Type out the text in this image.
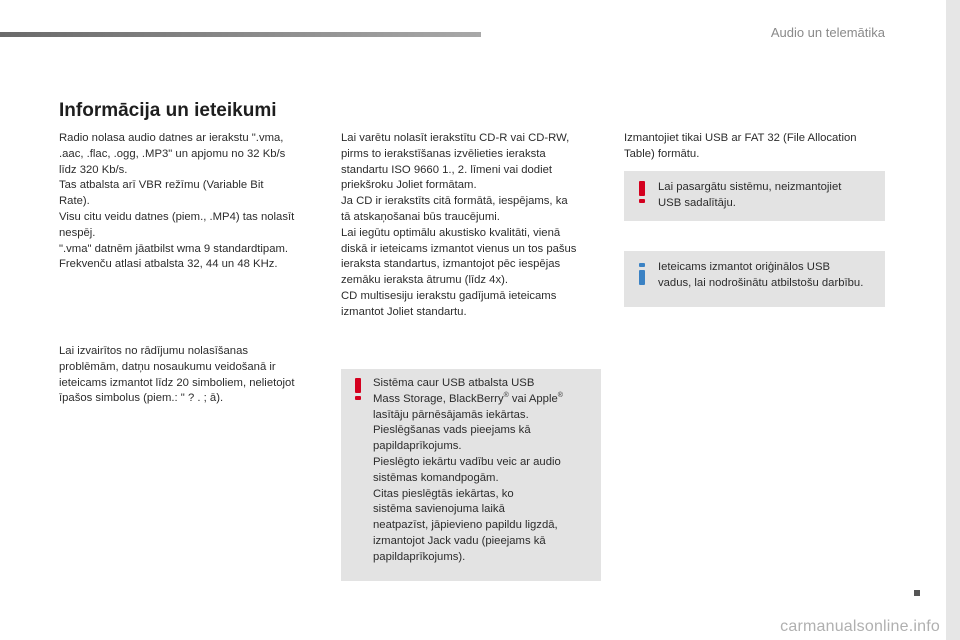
Audio un telemātika
Informācija un ieteikumi
Radio nolasa audio datnes ar ierakstu ".vma,
.aac, .flac, .ogg, .MP3" un apjomu no 32 Kb/s
līdz 320 Kb/s.
Tas atbalsta arī VBR režīmu (Variable Bit
Rate).
Visu citu veidu datnes (piem., .MP4) tas nolasīt
nespēj.
".vma" datnēm jāatbilst wma 9 standardtipam.
Frekvenču atlasi atbalsta 32, 44 un 48 KHz.
Lai izvairītos no rādījumu nolasīšanas
problēmām, datņu nosaukumu veidošanā ir
ieteicams izmantot līdz 20 simboliem, nelietojot
īpašos simbolus (piem.: " ? . ; ā).
Lai varētu nolasīt ierakstītu CD-R vai CD-RW,
pirms to ierakstīšanas izvēlieties ieraksta
standartu ISO 9660 1., 2. līmeni vai dodiet
priekšroku Joliet formātam.
Ja CD ir ierakstīts citā formātā, iespējams, ka
tā atskaņošanai būs traucējumi.
Lai iegūtu optimālu akustisko kvalitāti, vienā
diskā ir ieteicams izmantot vienus un tos pašus
ieraksta standartus, izmantojot pēc iespējas
zemāku ieraksta ātrumu (līdz 4x).
CD multisesiju ierakstu gadījumā ieteicams
izmantot Joliet standartu.
Sistēma caur USB atbalsta USB
Mass Storage, BlackBerry® vai Apple®
lasītāju pārnēsājamās iekārtas.
Pieslēgšanas vads pieejams kā
papildaprīkojums.
Pieslēgto iekārtu vadību veic ar audio
sistēmas komandpogām.
Citas pieslēgtās iekārtas, ko
sistēma savienojuma laikā
neatpazīst, jāpievieno papildu ligzdā,
izmantojot Jack vadu (pieejams kā
papildaprīkojums).
Izmantojiet tikai USB ar FAT 32 (File Allocation
Table) formātu.
Lai pasargātu sistēmu, neizmantojiet
USB sadalītāju.
Ieteicams izmantot oriģinālos USB
vadus, lai nodrošinātu atbilstošu darbību.
carmanualsonline.info
